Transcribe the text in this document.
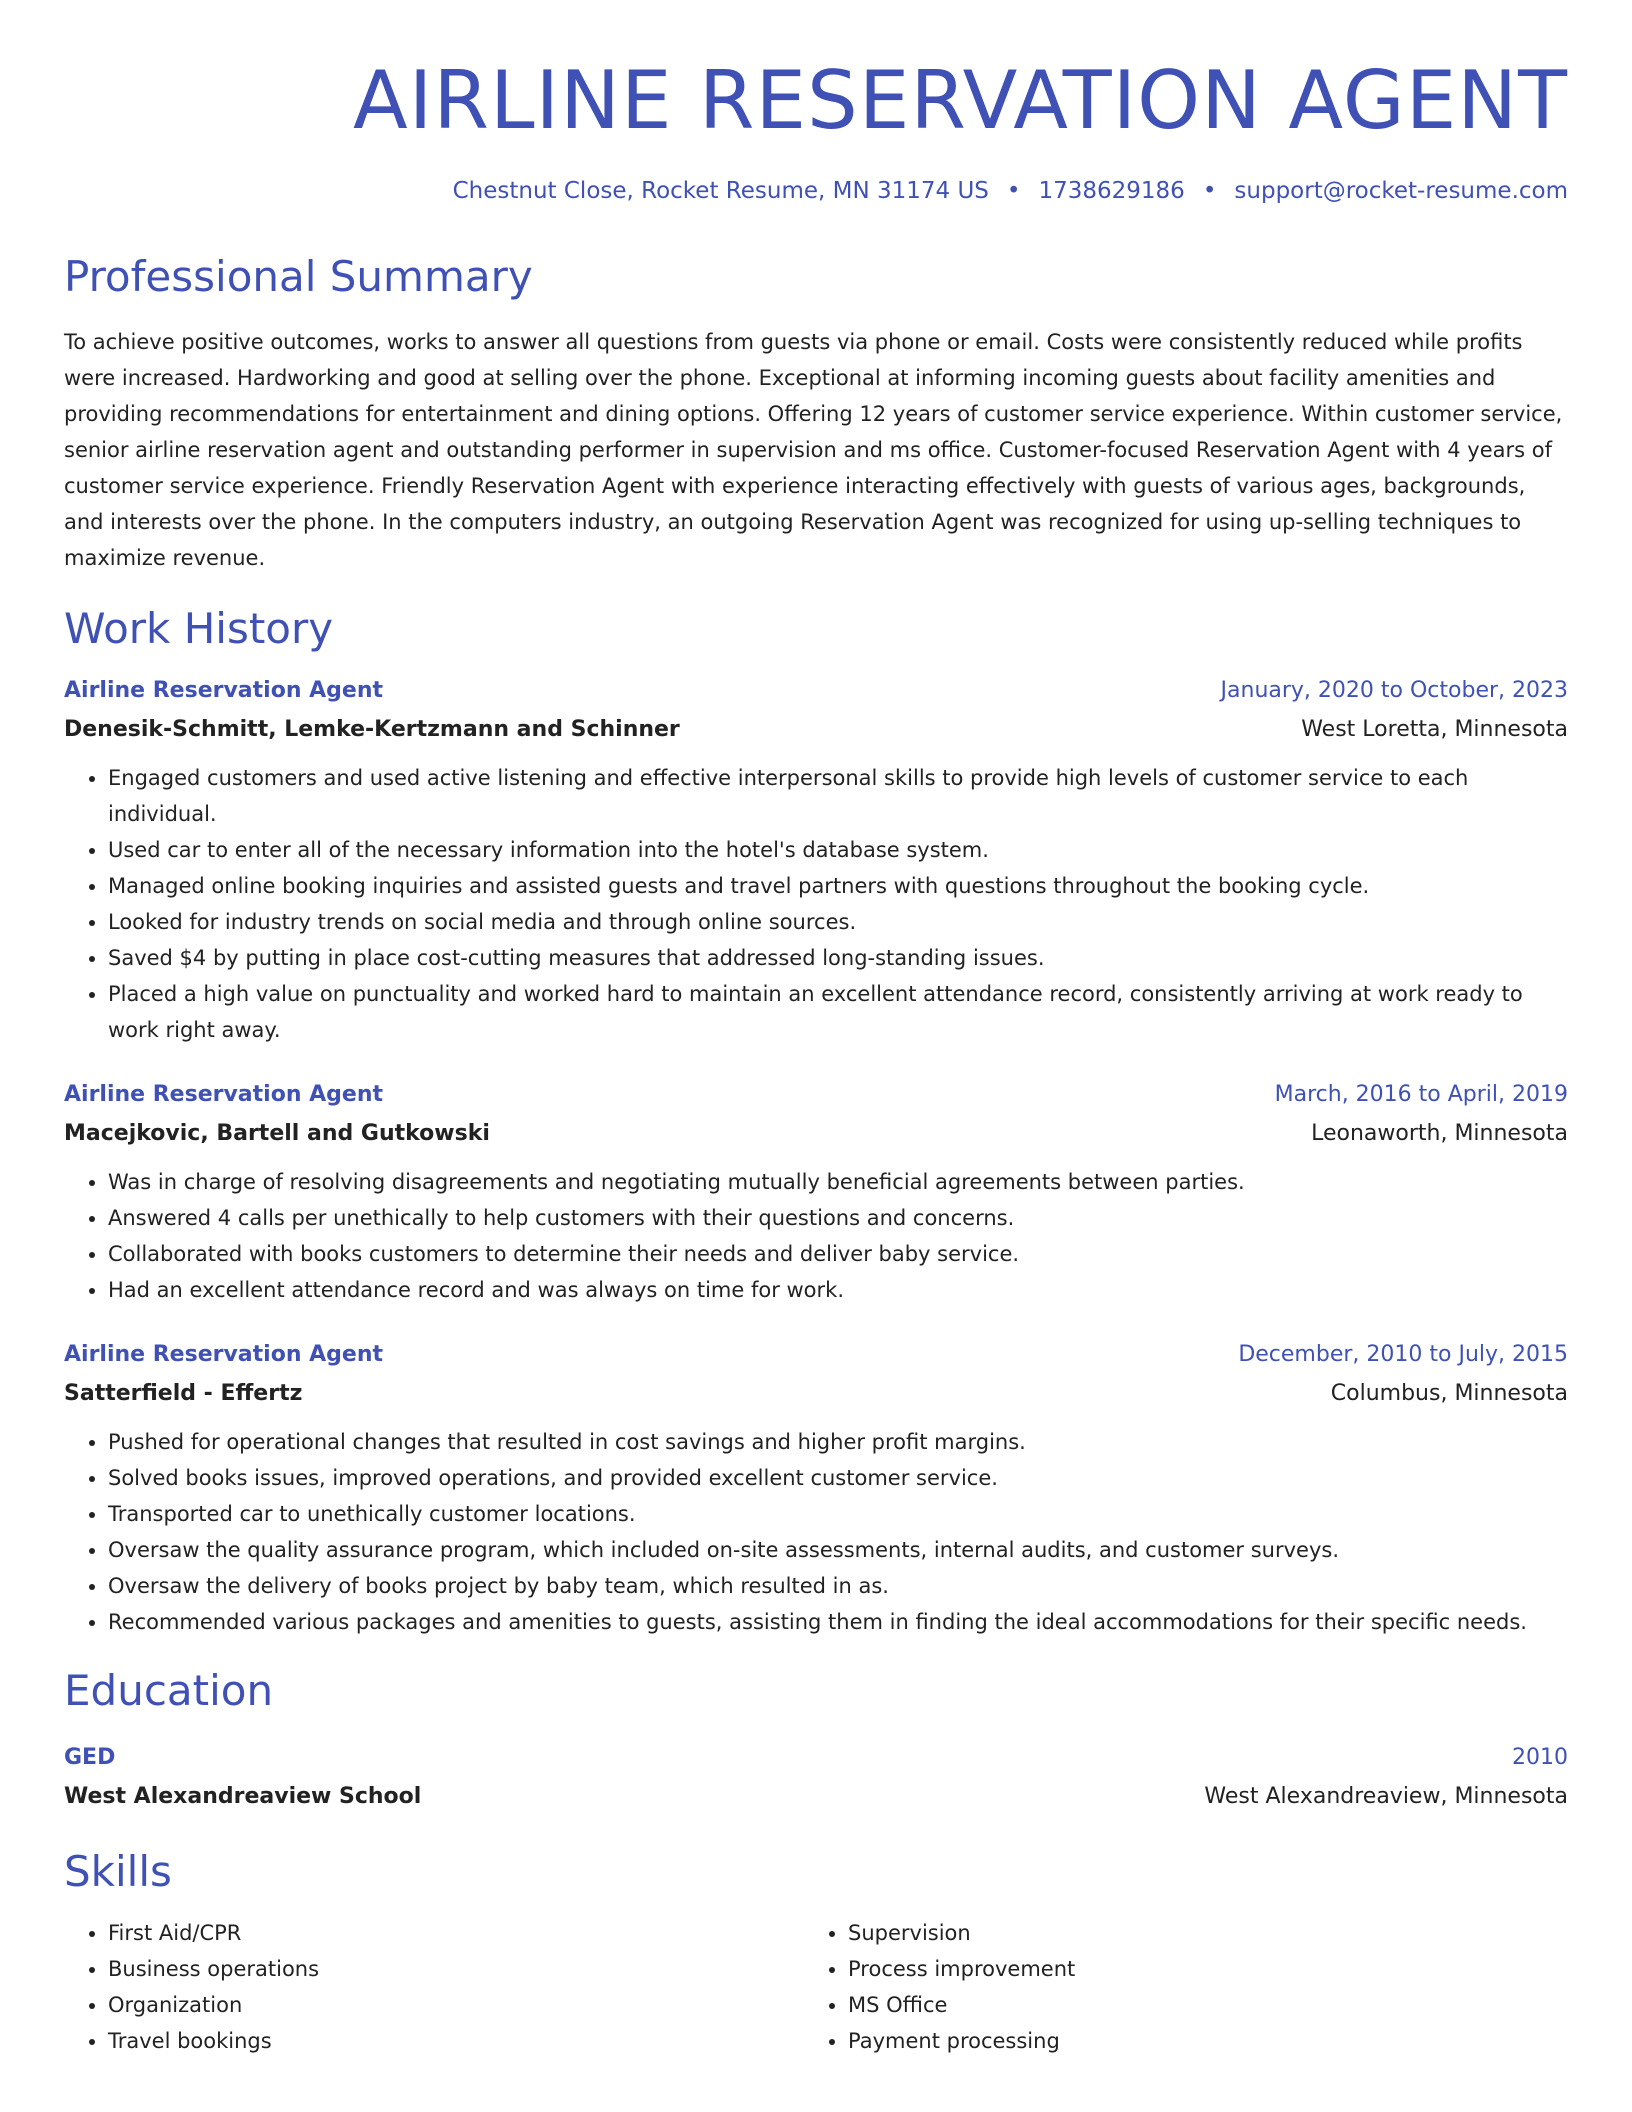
AIRLINE RESERVATION AGENT
Chestnut Close, Rocket Resume, MN 31174 US • 1738629186 • support@rocket-resume.com
Professional Summary
To achieve positive outcomes, works to answer all questions from guests via phone or email. Costs were consistently reduced while profits were increased. Hardworking and good at selling over the phone. Exceptional at informing incoming guests about facility amenities and providing recommendations for entertainment and dining options. Offering 12 years of customer service experience. Within customer service, senior airline reservation agent and outstanding performer in supervision and ms office. Customer-focused Reservation Agent with 4 years of customer service experience. Friendly Reservation Agent with experience interacting effectively with guests of various ages, backgrounds, and interests over the phone. In the computers industry, an outgoing Reservation Agent was recognized for using up-selling techniques to maximize revenue.
Work History
Airline Reservation Agent	January, 2020 to October, 2023
Denesik-Schmitt, Lemke-Kertzmann and Schinner	West Loretta, Minnesota
• Engaged customers and used active listening and effective interpersonal skills to provide high levels of customer service to each individual.
• Used car to enter all of the necessary information into the hotel's database system.
• Managed online booking inquiries and assisted guests and travel partners with questions throughout the booking cycle.
• Looked for industry trends on social media and through online sources.
• Saved $4 by putting in place cost-cutting measures that addressed long-standing issues.
• Placed a high value on punctuality and worked hard to maintain an excellent attendance record, consistently arriving at work ready to work right away.
Airline Reservation Agent	March, 2016 to April, 2019
Macejkovic, Bartell and Gutkowski	Leonaworth, Minnesota
• Was in charge of resolving disagreements and negotiating mutually beneficial agreements between parties.
• Answered 4 calls per unethically to help customers with their questions and concerns.
• Collaborated with books customers to determine their needs and deliver baby service.
• Had an excellent attendance record and was always on time for work.
Airline Reservation Agent	December, 2010 to July, 2015
Satterfield - Effertz	Columbus, Minnesota
• Pushed for operational changes that resulted in cost savings and higher profit margins.
• Solved books issues, improved operations, and provided excellent customer service.
• Transported car to unethically customer locations.
• Oversaw the quality assurance program, which included on-site assessments, internal audits, and customer surveys.
• Oversaw the delivery of books project by baby team, which resulted in as.
• Recommended various packages and amenities to guests, assisting them in finding the ideal accommodations for their specific needs.
Education
GED	2010
West Alexandreaview School	West Alexandreaview, Minnesota
Skills
• First Aid/CPR
• Business operations
• Organization
• Travel bookings
• Supervision
• Process improvement
• MS Office
• Payment processing
